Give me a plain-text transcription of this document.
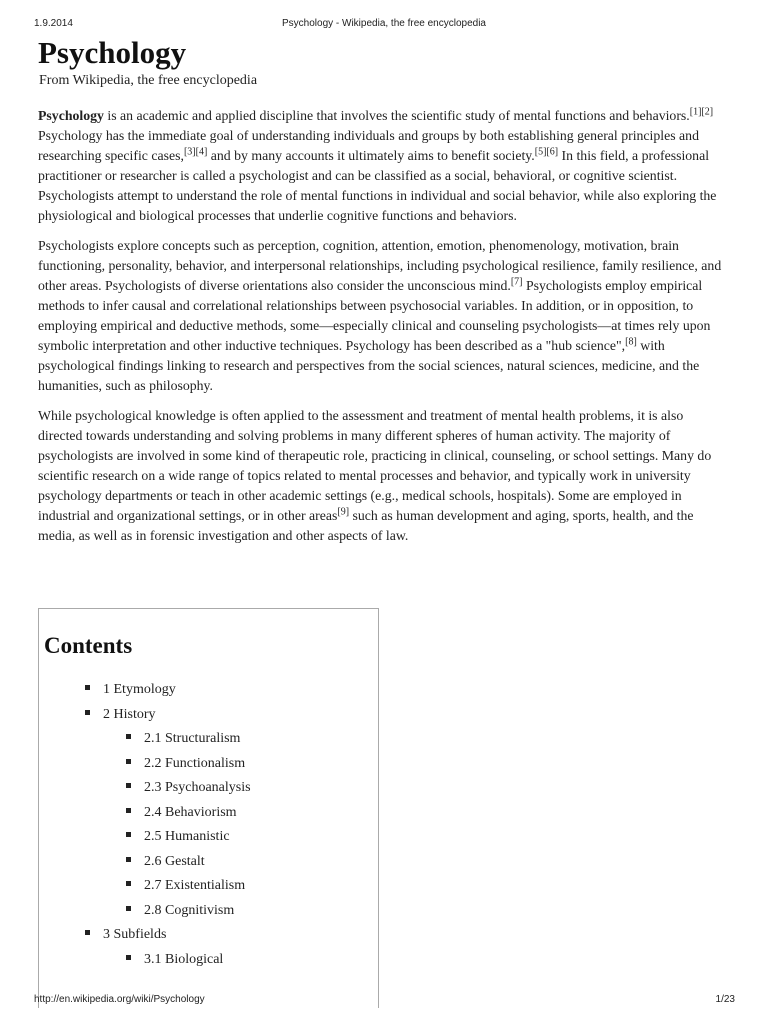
1.9.2014	Psychology - Wikipedia, the free encyclopedia
Psychology
From Wikipedia, the free encyclopedia

Psychology is an academic and applied discipline that involves the scientific study of mental functions and behaviors.[1][2] Psychology has the immediate goal of understanding individuals and groups by both establishing general principles and researching specific cases,[3][4] and by many accounts it ultimately aims to benefit society.[5][6] In this field, a professional practitioner or researcher is called a psychologist and can be classified as a social, behavioral, or cognitive scientist. Psychologists attempt to understand the role of mental functions in individual and social behavior, while also exploring the physiological and biological processes that underlie cognitive functions and behaviors.

Psychologists explore concepts such as perception, cognition, attention, emotion, phenomenology, motivation, brain functioning, personality, behavior, and interpersonal relationships, including psychological resilience, family resilience, and other areas. Psychologists of diverse orientations also consider the unconscious mind.[7] Psychologists employ empirical methods to infer causal and correlational relationships between psychosocial variables. In addition, or in opposition, to employing empirical and deductive methods, some—especially clinical and counseling psychologists—at times rely upon symbolic interpretation and other inductive techniques. Psychology has been described as a "hub science",[8] with psychological findings linking to research and perspectives from the social sciences, natural sciences, medicine, and the humanities, such as philosophy.

While psychological knowledge is often applied to the assessment and treatment of mental health problems, it is also directed towards understanding and solving problems in many different spheres of human activity. The majority of psychologists are involved in some kind of therapeutic role, practicing in clinical, counseling, or school settings. Many do scientific research on a wide range of topics related to mental processes and behavior, and typically work in university psychology departments or teach in other academic settings (e.g., medical schools, hospitals). Some are employed in industrial and organizational settings, or in other areas[9] such as human development and aging, sports, health, and the media, as well as in forensic investigation and other aspects of law.

Contents
1 Etymology
2 History
2.1 Structuralism
2.2 Functionalism
2.3 Psychoanalysis
2.4 Behaviorism
2.5 Humanistic
2.6 Gestalt
2.7 Existentialism
2.8 Cognitivism
3 Subfields
3.1 Biological
http://en.wikipedia.org/wiki/Psychology	1/23
